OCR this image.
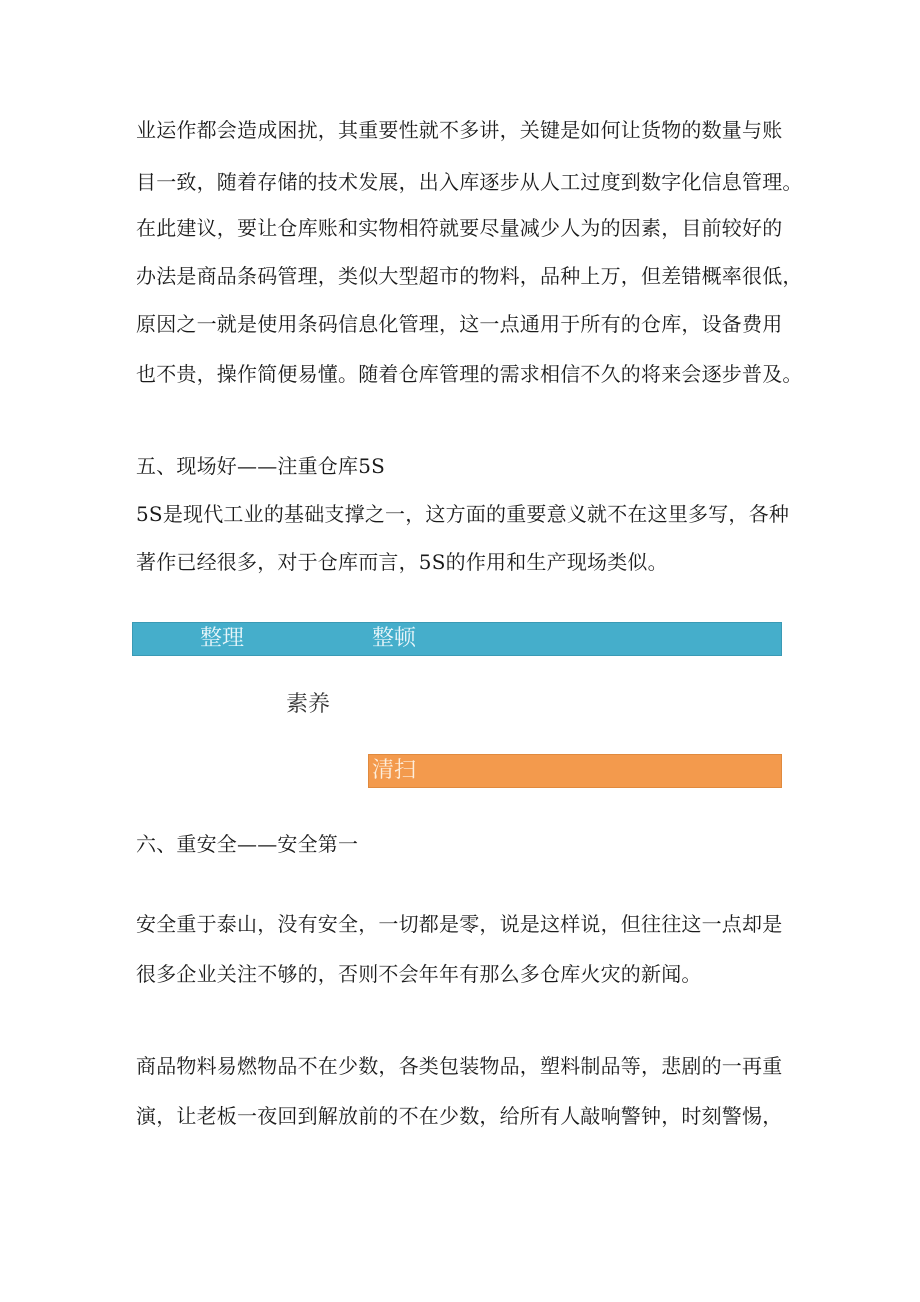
业运作都会造成困扰，其重要性就不多讲，关键是如何让货物的数量与账
目一致，随着存储的技术发展，出入库逐步从人工过度到数字化信息管理。
在此建议，要让仓库账和实物相符就要尽量减少人为的因素，目前较好的
办法是商品条码管理，类似大型超市的物料，品种上万，但差错概率很低，
原因之一就是使用条码信息化管理，这一点通用于所有的仓库，设备费用
也不贵，操作简便易懂。随着仓库管理的需求相信不久的将来会逐步普及。
五、现场好——注重仓库5S
5S是现代工业的基础支撑之一，这方面的重要意义就不在这里多写，各种
著作已经很多，对于仓库而言，5S的作用和生产现场类似。
整理	整顿
素养
清扫
六、重安全——安全第一
安全重于泰山，没有安全，一切都是零，说是这样说，但往往这一点却是
很多企业关注不够的，否则不会年年有那么多仓库火灾的新闻。
商品物料易燃物品不在少数，各类包装物品，塑料制品等，悲剧的一再重
演，让老板一夜回到解放前的不在少数，给所有人敲响警钟，时刻警惕，
